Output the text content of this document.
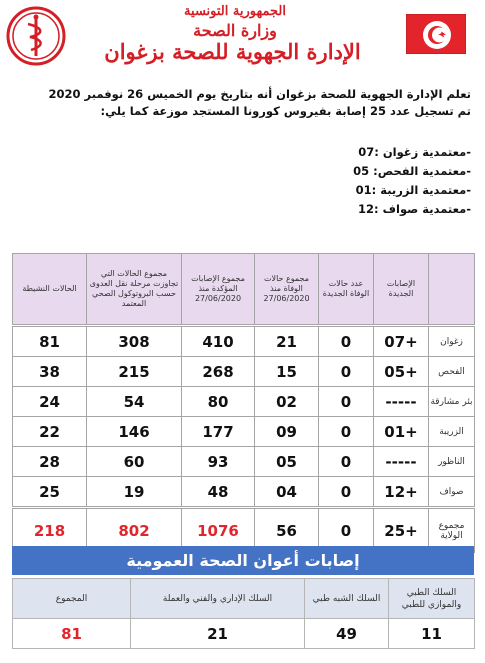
الجمهورية التونسية
وزارة الصحة
الإدارة الجهوية للصحة بزغوان
تعلم الإدارة الجهوية للصحة بزغوان أنه بتاريخ يوم الخميس 26 نوفمبر 2020
تم تسجيل عدد 25 إصابة بفيروس كورونا المستجد موزعة كما يلي:
-معتمدية زغوان :07
-معتمدية الفحص: 05
-معتمدية الزريبة :01
-معتمدية صواف :12
	الإصابات الجديدة	عدد حالات الوفاة الجديدة	مجموع حالات الوفاة منذ 27/06/2020	مجموع الإصابات المؤكدة منذ 27/06/2020	مجموع الحالات التي تجاوزت مرحلة نقل العدوى حسب البروتوكول الصحي المعتمد	الحالات النشيطة

زغوان	+07	0	21	410	308	81
الفحص	+05	0	15	268	215	38
بئر مشارقة	-----	0	02	80	54	24
الزريبة	+01	0	09	177	146	22
الناظور	-----	0	05	93	60	28
صواف	+12	0	04	48	19	25

مجموع الولاية	+25	0	56	1076	802	218
إصابات أعوان الصحة العمومية
السلك الطبي والموازي للطبي	السلك الشبه طبي	السلك الإداري والفني والعملة	المجموع
11	49	21	81
